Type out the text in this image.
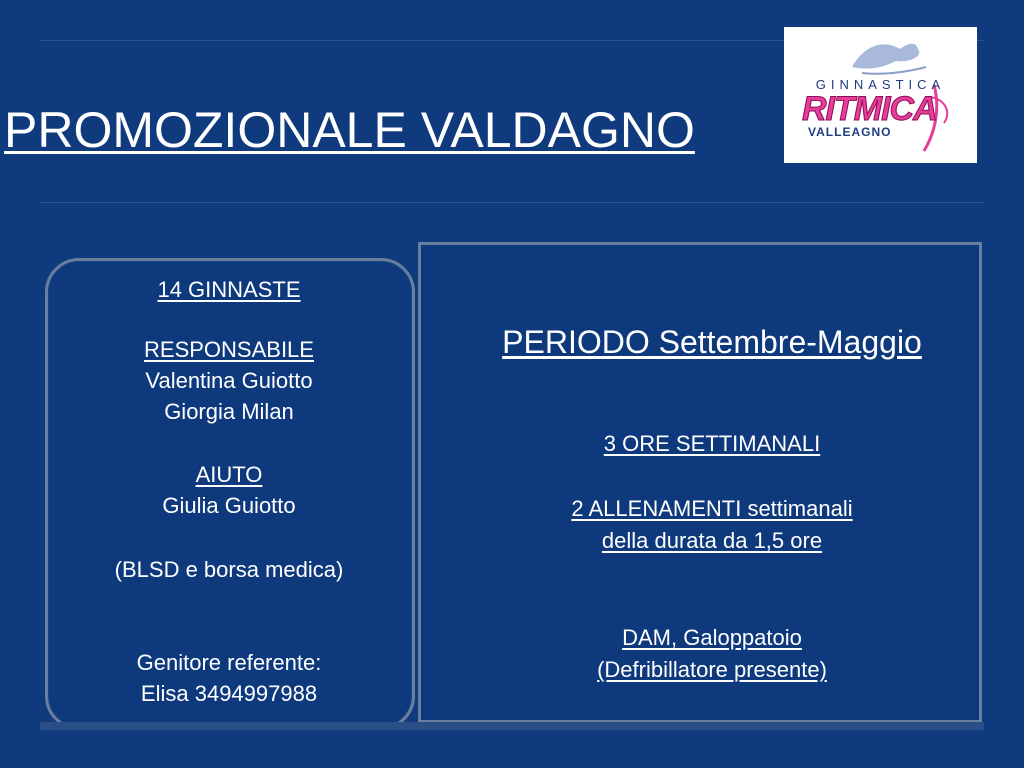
PROMOZIONALE VALDAGNO
GINNASTICA
RITMICA
VALLEAGNO
14 GINNASTE
RESPONSABILE
Valentina Guiotto
Giorgia Milan
AIUTO
Giulia Guiotto
(BLSD e borsa medica)
Genitore referente:
Elisa 3494997988
PERIODO Settembre-Maggio
3 ORE SETTIMANALI
2 ALLENAMENTI settimanali
della durata da 1,5 ore
DAM, Galoppatoio
(Defribillatore presente)
